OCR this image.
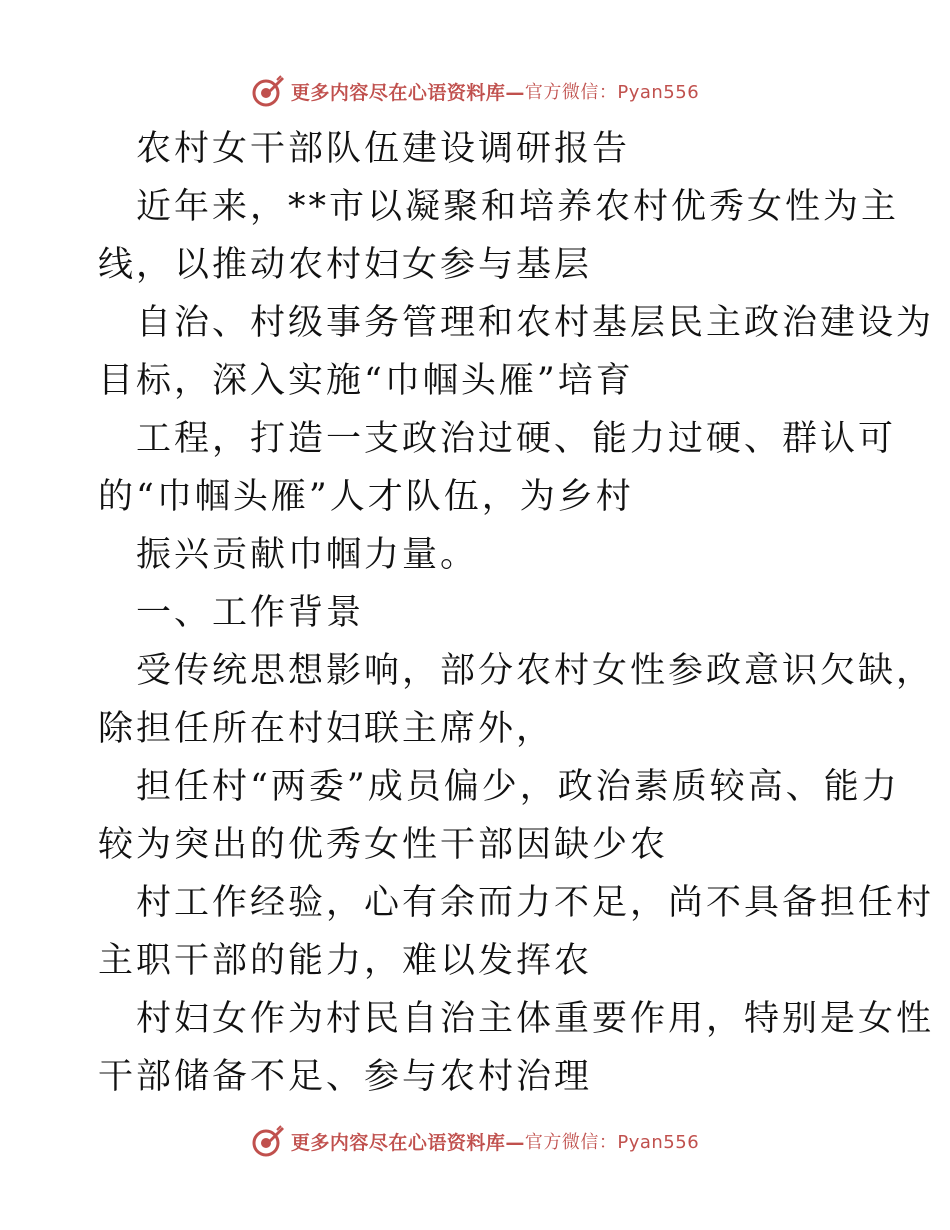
更多内容尽在心语资料库— 官方微信：Pyan556
农村女干部队伍建设调研报告
近年来，**市以凝聚和培养农村优秀女性为主
线，以推动农村妇女参与基层
自治、村级事务管理和农村基层民主政治建设为
目标，深入实施“巾帼头雁”培育
工程，打造一支政治过硬、能力过硬、群认可
的“巾帼头雁”人才队伍，为乡村
振兴贡献巾帼力量。
一、工作背景
受传统思想影响，部分农村女性参政意识欠缺，
除担任所在村妇联主席外，
担任村“两委”成员偏少，政治素质较高、能力
较为突出的优秀女性干部因缺少农
村工作经验，心有余而力不足，尚不具备担任村
主职干部的能力，难以发挥农
村妇女作为村民自治主体重要作用，特别是女性
干部储备不足、参与农村治理
更多内容尽在心语资料库— 官方微信：Pyan556
